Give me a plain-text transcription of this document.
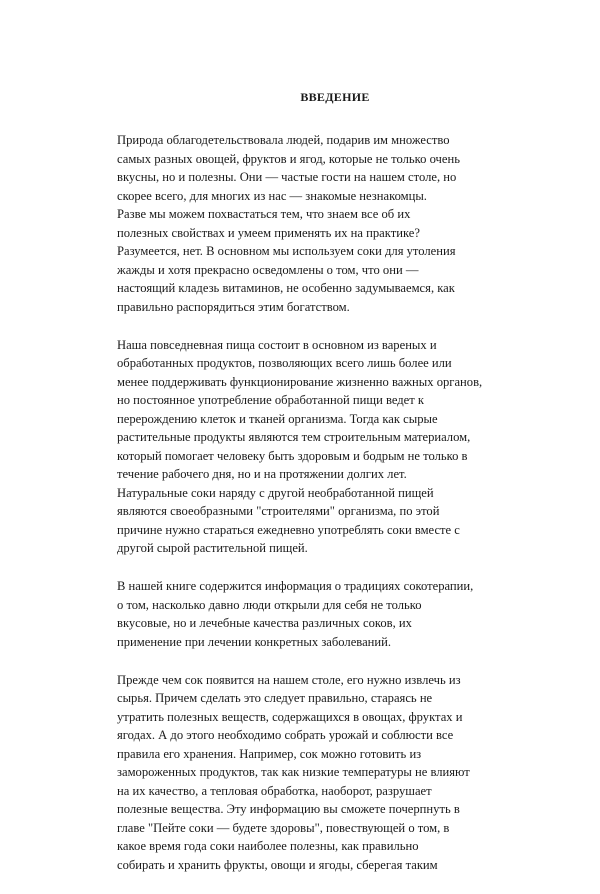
ВВЕДЕНИЕ

Природа облагодетельствовала людей, подарив им множество
самых разных овощей, фруктов и ягод, которые не только очень
вкусны, но и полезны. Они — частые гости на нашем столе, но
скорее всего, для многих из нас — знакомые незнакомцы.
Разве мы можем похвастаться тем, что знаем все об их
полезных свойствах и умеем применять их на практике?
Разумеется, нет. В основном мы используем соки для утоления
жажды и хотя прекрасно осведомлены о том, что они —
настоящий кладезь витаминов, не особенно задумываемся, как
правильно распорядиться этим богатством.

Наша повседневная пища состоит в основном из вареных и
обработанных продуктов, позволяющих всего лишь более или
менее поддерживать функционирование жизненно важных органов,
но постоянное употребление обработанной пищи ведет к
перерождению клеток и тканей организма. Тогда как сырые
растительные продукты являются тем строительным материалом,
который помогает человеку быть здоровым и бодрым не только в
течение рабочего дня, но и на протяжении долгих лет.
Натуральные соки наряду с другой необработанной пищей
являются своеобразными "строителями" организма, по этой
причине нужно стараться ежедневно употреблять соки вместе с
другой сырой растительной пищей.

В нашей книге содержится информация о традициях сокотерапии,
о том, насколько давно люди открыли для себя не только
вкусовые, но и лечебные качества различных соков, их
применение при лечении конкретных заболеваний.

Прежде чем сок появится на нашем столе, его нужно извлечь из
сырья. Причем сделать это следует правильно, стараясь не
утратить полезных веществ, содержащихся в овощах, фруктах и
ягодах. А до этого необходимо собрать урожай и соблюсти все
правила его хранения. Например, сок можно готовить из
замороженных продуктов, так как низкие температуры не влияют
на их качество, а тепловая обработка, наоборот, разрушает
полезные вещества. Эту информацию вы сможете почерпнуть в
главе "Пейте соки — будете здоровы", повествующей о том, в
какое время года соки наиболее полезны, как правильно
собирать и хранить фрукты, овощи и ягоды, сберегая таким
